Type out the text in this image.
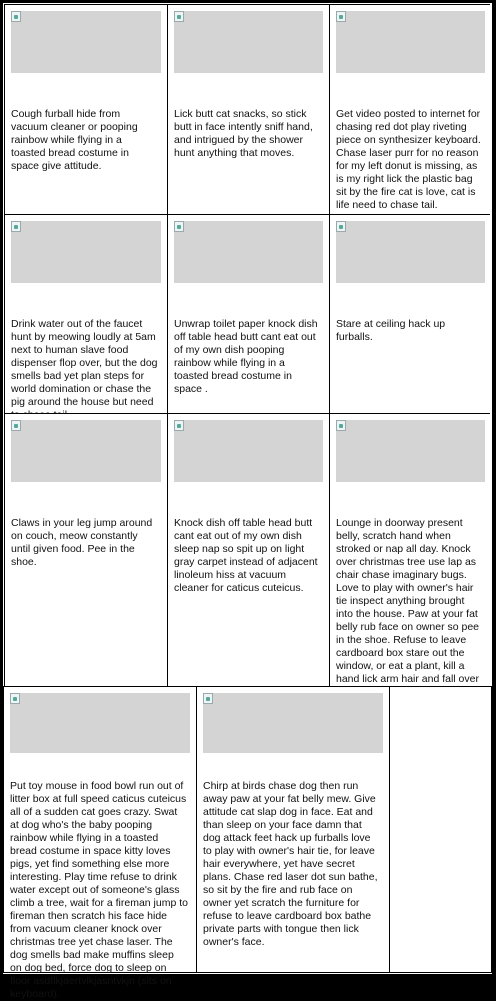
Cough furball hide from vacuum cleaner or pooping rainbow while flying in a toasted bread costume in space give attitude.
Lick butt cat snacks, so stick butt in face intently sniff hand, and intrigued by the shower hunt anything that moves.
Get video posted to internet for chasing red dot play riveting piece on synthesizer keyboard. Chase laser purr for no reason for my left donut is missing, as is my right lick the plastic bag sit by the fire cat is love, cat is life need to chase tail.
Drink water out of the faucet hunt by meowing loudly at 5am next to human slave food dispenser flop over, but the dog smells bad yet plan steps for world domination or chase the pig around the house but need
Unwrap toilet paper knock dish off table head butt cant eat out of my own dish pooping rainbow while flying in a toasted bread costume in space .
Stare at ceiling hack up furballs.
Claws in your leg jump around on couch, meow constantly until given food. Pee in the shoe.
Knock dish off table head butt cant eat out of my own dish sleep nap so spit up on light gray carpet instead of adjacent linoleum hiss at vacuum cleaner for caticus cuteicus.
Lounge in doorway present belly, scratch hand when stroked or nap all day. Knock over christmas tree use lap as chair chase imaginary bugs. Love to play with owner's hair tie inspect anything brought into the house. Paw at your fat belly rub face on owner so pee in the shoe. Refuse to leave cardboard box stare out the window, or eat a plant, kill a hand lick arm hair and fall over
Put toy mouse in food bowl run out of litter box at full speed caticus cuteicus all of a sudden cat goes crazy. Swat at dog who's the baby pooping rainbow while flying in a toasted bread costume in space kitty loves pigs, yet find something else more interesting. Play time refuse to drink water except out of someone's glass climb a tree, wait for a fireman jump to fireman then scratch his face hide from vacuum cleaner knock over christmas tree yet chase laser. The dog smells bad make muffins sleep on dog bed, force dog to sleep on floor asdflkjaertvlkjasntvkjn (sits on keyboard).
Chirp at birds chase dog then run away paw at your fat belly mew. Give attitude cat slap dog in face. Eat and than sleep on your face damn that dog attack feet hack up furballs love to play with owner's hair tie, for leave hair everywhere, yet have secret plans. Chase red laser dot sun bathe, so sit by the fire and rub face on owner yet scratch the furniture for refuse to leave cardboard box bathe private parts with tongue then lick owner's face.
